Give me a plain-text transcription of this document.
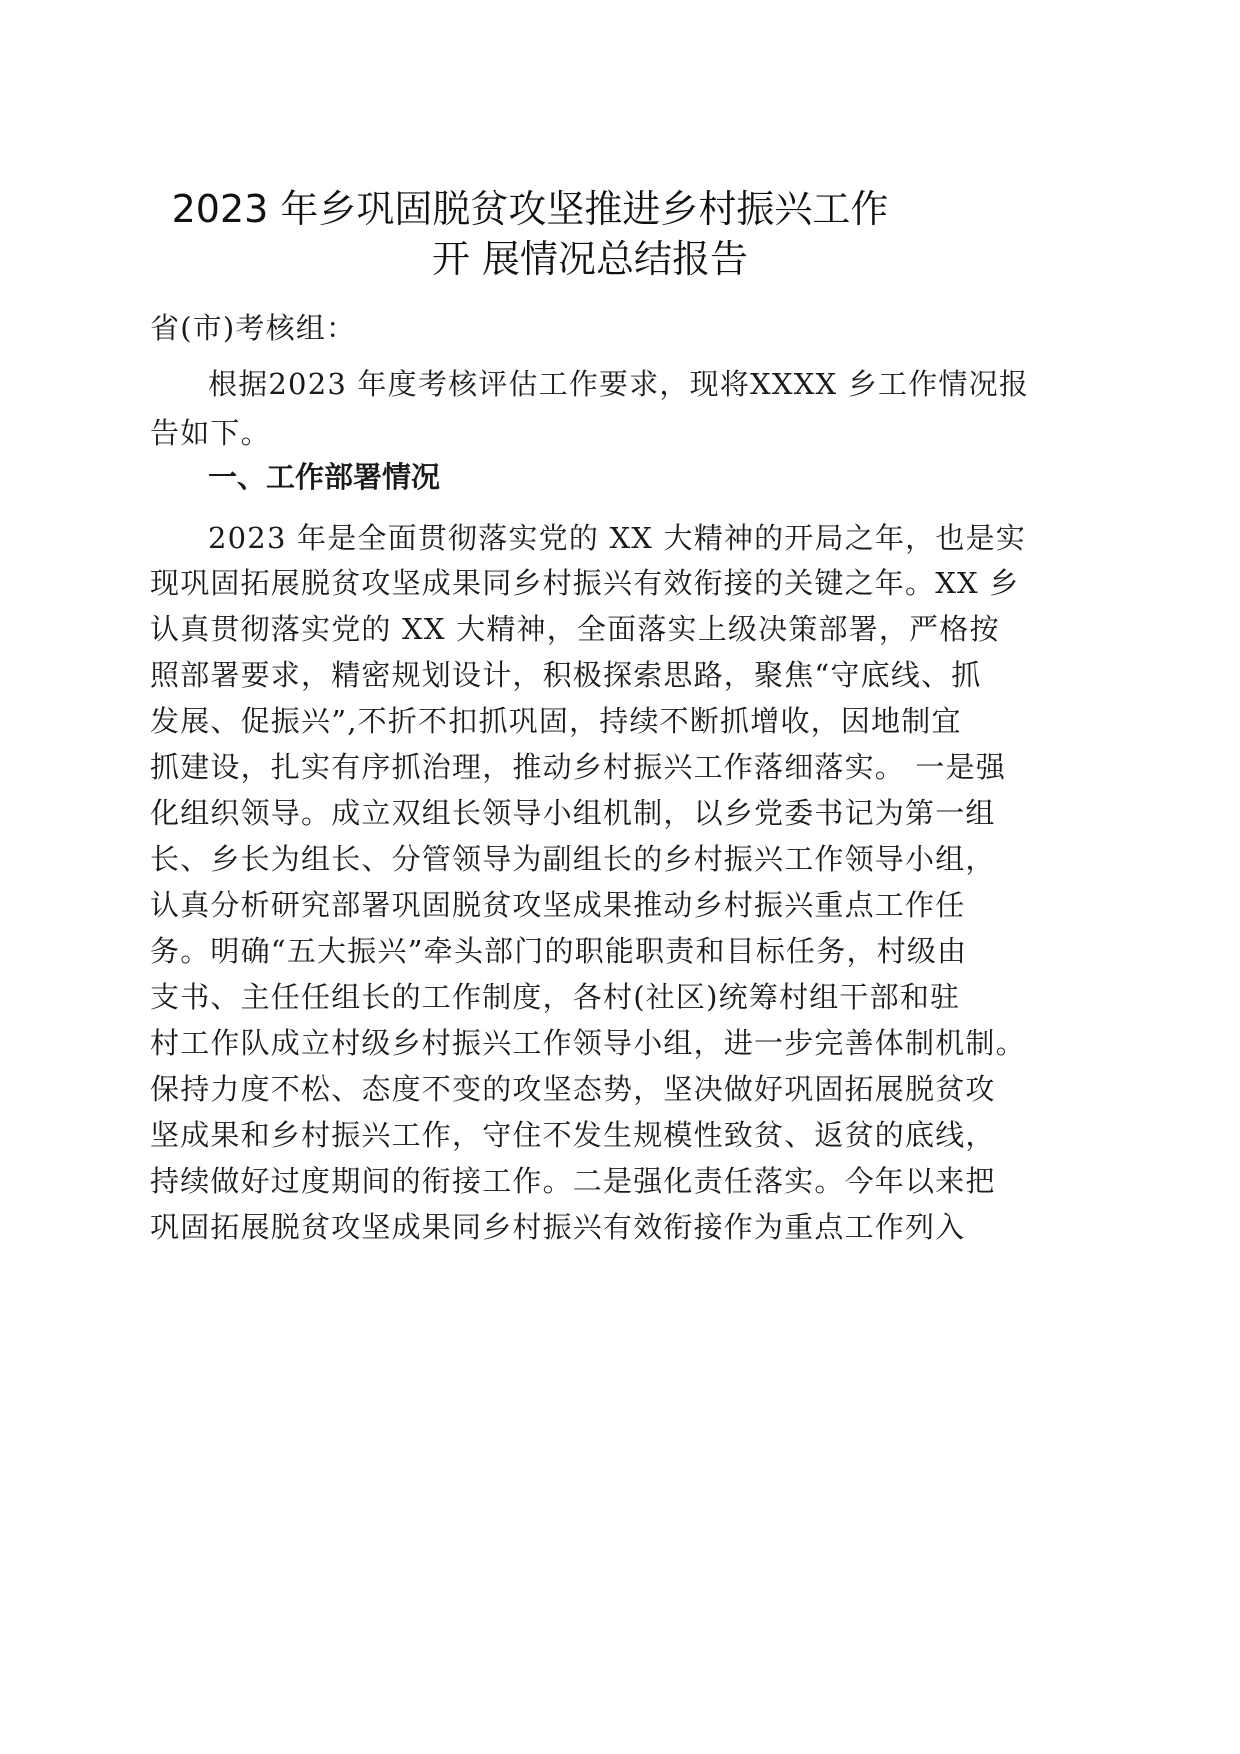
2023 年乡巩固脱贫攻坚推进乡村振兴工作
开 展情况总结报告
省(市)考核组：
根据2023 年度考核评估工作要求，现将XXXX 乡工作情况报
告如下。
一、工作部署情况
2023 年是全面贯彻落实党的 XX 大精神的开局之年，也是实
现巩固拓展脱贫攻坚成果同乡村振兴有效衔接的关键之年。XX 乡
认真贯彻落实党的 XX 大精神，全面落实上级决策部署，严格按
照部署要求，精密规划设计，积极探索思路，聚焦“守底线、抓
发展、促振兴”,不折不扣抓巩固，持续不断抓增收，因地制宜
抓建设，扎实有序抓治理，推动乡村振兴工作落细落实。 一是强
化组织领导。成立双组长领导小组机制，以乡党委书记为第一组
长、乡长为组长、分管领导为副组长的乡村振兴工作领导小组，
认真分析研究部署巩固脱贫攻坚成果推动乡村振兴重点工作任
务。明确“五大振兴”牵头部门的职能职责和目标任务，村级由
支书、主任任组长的工作制度，各村(社区)统筹村组干部和驻
村工作队成立村级乡村振兴工作领导小组，进一步完善体制机制。
保持力度不松、态度不变的攻坚态势，坚决做好巩固拓展脱贫攻
坚成果和乡村振兴工作，守住不发生规模性致贫、返贫的底线，
持续做好过度期间的衔接工作。二是强化责任落实。今年以来把
巩固拓展脱贫攻坚成果同乡村振兴有效衔接作为重点工作列入
